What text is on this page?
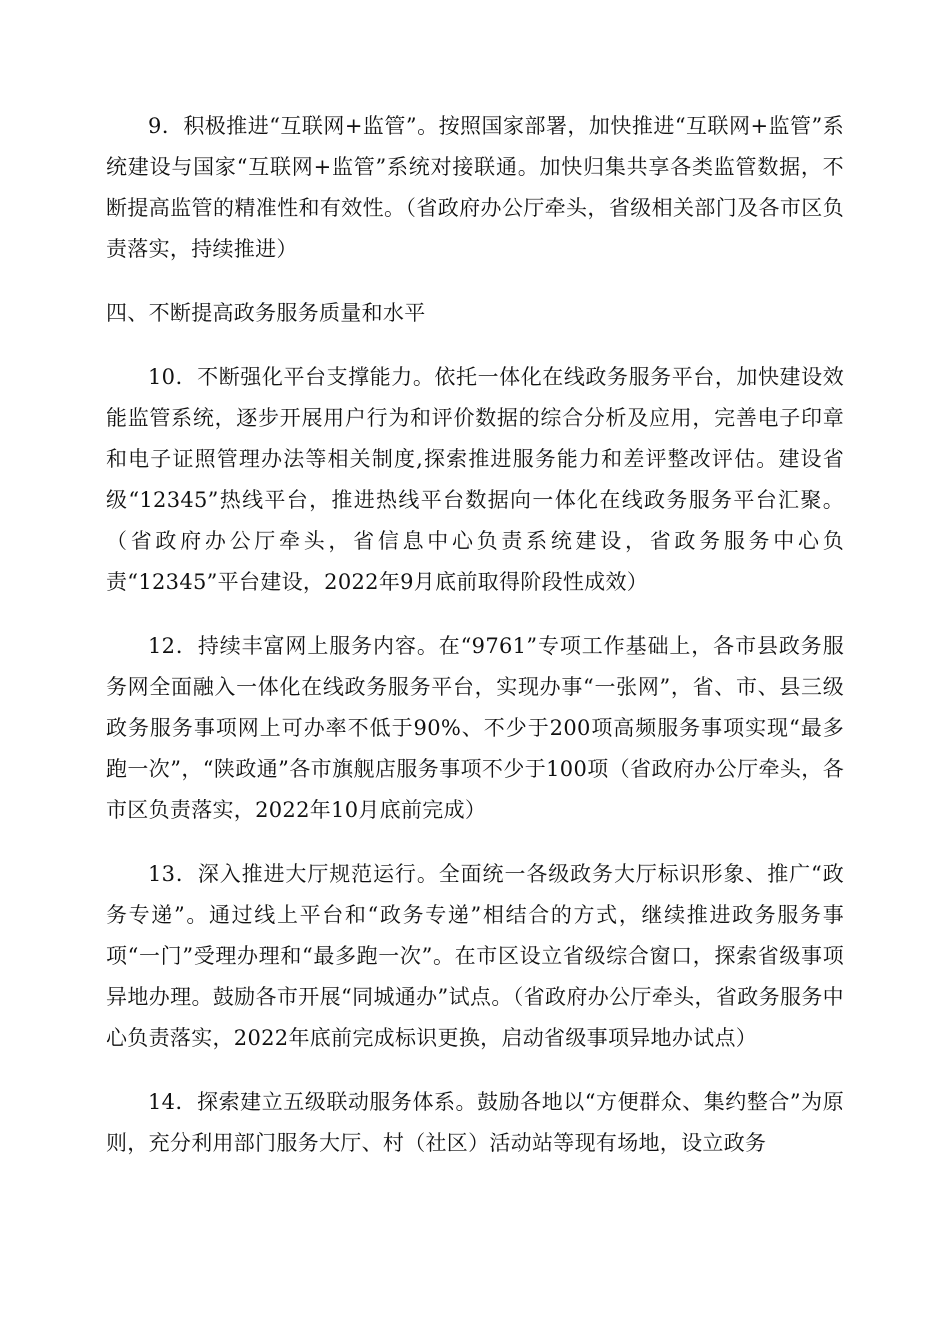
9．积极推进“互联网+监管”。按照国家部署，加快推进“互联网+监管”系统建设与国家“互联网+监管”系统对接联通。加快归集共享各类监管数据，不断提高监管的精准性和有效性。（省政府办公厅牵头，省级相关部门及各市区负责落实，持续推进）

四、不断提高政务服务质量和水平

10．不断强化平台支撑能力。依托一体化在线政务服务平台，加快建设效能监管系统，逐步开展用户行为和评价数据的综合分析及应用，完善电子印章和电子证照管理办法等相关制度,探索推进服务能力和差评整改评估。建设省级“12345”热线平台，推进热线平台数据向一体化在线政务服务平台汇聚。（省政府办公厅牵头，省信息中心负责系统建设，省政务服务中心负责“12345”平台建设，2022年9月底前取得阶段性成效）

12．持续丰富网上服务内容。在“9761”专项工作基础上，各市县政务服务网全面融入一体化在线政务服务平台，实现办事“一张网”，省、市、县三级政务服务事项网上可办率不低于90%、不少于200项高频服务事项实现“最多跑一次”，“陕政通”各市旗舰店服务事项不少于100项（省政府办公厅牵头，各市区负责落实，2022年10月底前完成）

13．深入推进大厅规范运行。全面统一各级政务大厅标识形象、推广“政务专递”。通过线上平台和“政务专递”相结合的方式，继续推进政务服务事项“一门”受理办理和“最多跑一次”。在市区设立省级综合窗口，探索省级事项异地办理。鼓励各市开展“同城通办”试点。（省政府办公厅牵头，省政务服务中心负责落实，2022年底前完成标识更换，启动省级事项异地办试点）

14．探索建立五级联动服务体系。鼓励各地以“方便群众、集约整合”为原则，充分利用部门服务大厅、村（社区）活动站等现有场地，设立政务
